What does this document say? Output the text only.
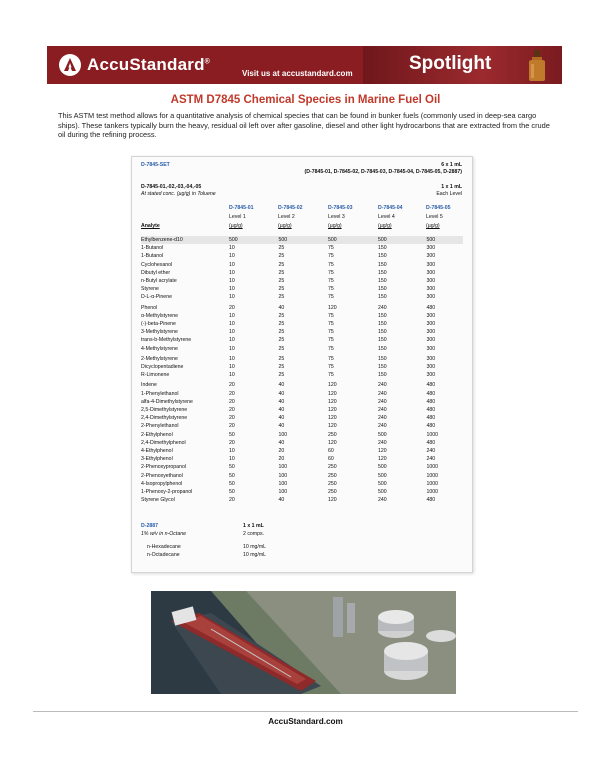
AccuStandard®
Visit us at accustandard.com	Spotlight
ASTM D7845 Chemical Species in Marine Fuel Oil

This ASTM test method allows for a quantitative analysis of chemical species that can be found in bunker fuels (commonly used in deep-sea cargo ships). These tankers typically burn the heavy, residual oil left over after gasoline, diesel and other light hydrocarbons that are extracted from the crude oil during the refining process.

D-7845-SET	6 x 1 mL
(D-7845-01, D-7845-02, D-7845-03, D-7845-04, D-7845-05, D-2887)
D-7845-01,-02,-03,-04,-05
At stated conc. (µg/g) in Toluene
1 x 1 mL
Each Level
D-7845-01	D-7845-02	D-7845-03	D-7845-04	D-7845-05
Level 1	Level 2	Level 3	Level 4	Level 5
Analyte	(µg/g)	(µg/g)	(µg/g)	(µg/g)	(µg/g)
Ethylbenzene-d10	500	500	500	500	500
1-Butanol	10	25	75	150	300
1-Butanol	10	25	75	150	300
Cyclohexanol	10	25	75	150	300
Dibutyl ether	10	25	75	150	300
n-Butyl acrylate	10	25	75	150	300
Styrene	10	25	75	150	300
D-L-α-Pinene	10	25	75	150	300
Phenol	20	40	120	240	480
α-Methylstyrene	10	25	75	150	300
(-)-beta-Pinene	10	25	75	150	300
3-Methylstyrene	10	25	75	150	300
trans-b-Methylstyrene	10	25	75	150	300
4-Methylstyrene	10	25	75	150	300
2-Methylstyrene	10	25	75	150	300
Dicyclopentadiene	10	25	75	150	300
R-Limonene	10	25	75	150	300
Indene	20	40	120	240	480
1-Phenylethanol	20	40	120	240	480
alfa-4-Dimethylstyrene	20	40	120	240	480
2,5-Dimethylstyrene	20	40	120	240	480
2,4-Dimethylstyrene	20	40	120	240	480
2-Phenylethanol	20	40	120	240	480
2-Ethylphenol	50	100	250	500	1000
2,4-Dimethylphenol	20	40	120	240	480
4-Ethylphenol	10	20	60	120	240
3-Ethylphenol	10	20	60	120	240
2-Phenoxypropanol	50	100	250	500	1000
2-Phenoxyethanol	50	100	250	500	1000
4-Isopropylphenol	50	100	250	500	1000
1-Phenoxy-2-propanol	50	100	250	500	1000
Styrene Glycol	20	40	120	240	480
D-2887	1 x 1 mL
1% w/v in n-Octane	2 comps.
n-Hexadecane	10 mg/mL
n-Octadecane	10 mg/mL
AccuStandard.com
